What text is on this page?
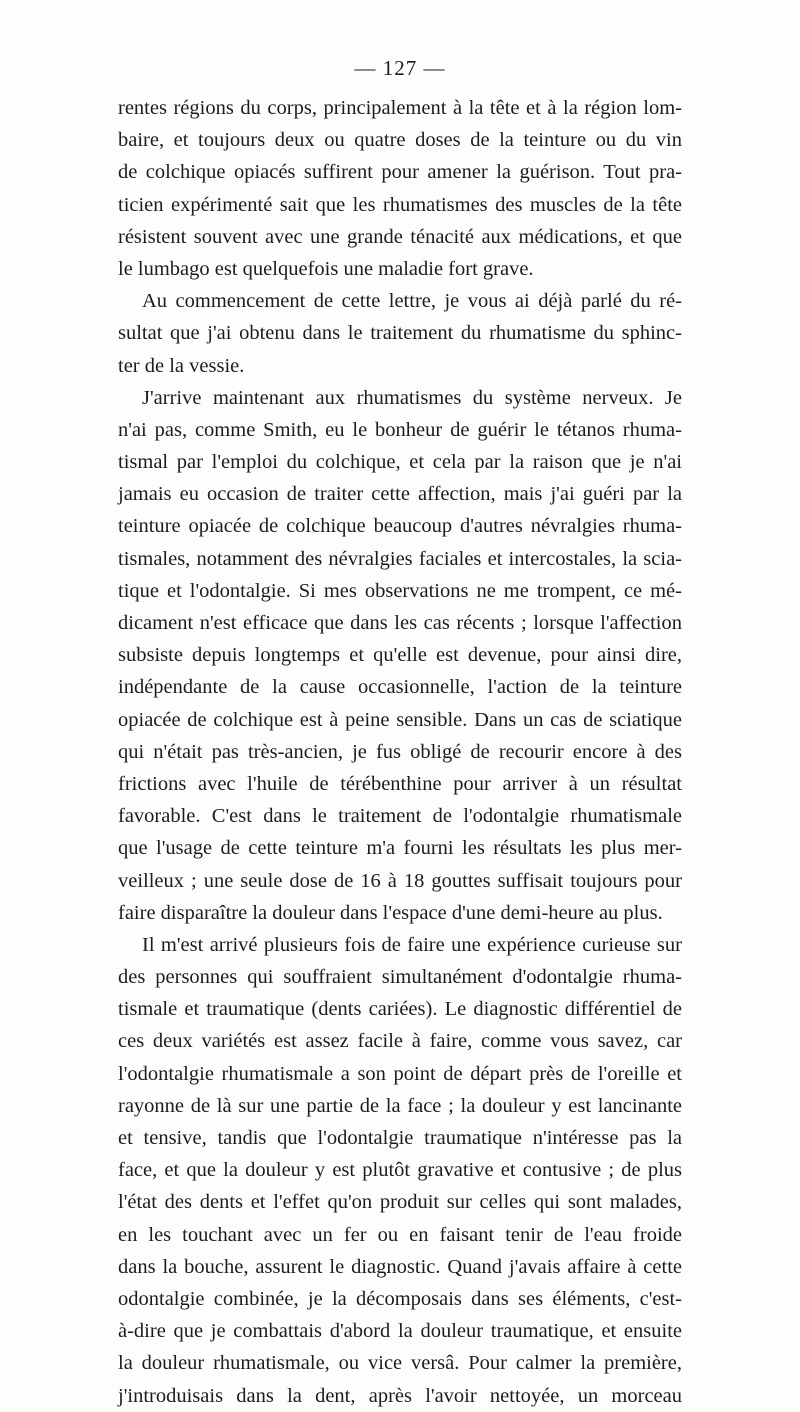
— 127 —
rentes régions du corps, principalement à la tête et à la région lom-
baire, et toujours deux ou quatre doses de la teinture ou du vin
de colchique opiacés suffirent pour amener la guérison. Tout pra-
ticien expérimenté sait que les rhumatismes des muscles de la tête
résistent souvent avec une grande ténacité aux médications, et que
le lumbago est quelquefois une maladie fort grave.
Au commencement de cette lettre, je vous ai déjà parlé du ré-
sultat que j'ai obtenu dans le traitement du rhumatisme du sphinc-
ter de la vessie.
J'arrive maintenant aux rhumatismes du système nerveux. Je
n'ai pas, comme Smith, eu le bonheur de guérir le tétanos rhuma-
tismal par l'emploi du colchique, et cela par la raison que je n'ai
jamais eu occasion de traiter cette affection, mais j'ai guéri par la
teinture opiacée de colchique beaucoup d'autres névralgies rhuma-
tismales, notamment des névralgies faciales et intercostales, la scia-
tique et l'odontalgie. Si mes observations ne me trompent, ce mé-
dicament n'est efficace que dans les cas récents ; lorsque l'affection
subsiste depuis longtemps et qu'elle est devenue, pour ainsi dire,
indépendante de la cause occasionnelle, l'action de la teinture
opiacée de colchique est à peine sensible. Dans un cas de sciatique
qui n'était pas très-ancien, je fus obligé de recourir encore à des
frictions avec l'huile de térébenthine pour arriver à un résultat
favorable. C'est dans le traitement de l'odontalgie rhumatismale
que l'usage de cette teinture m'a fourni les résultats les plus mer-
veilleux ; une seule dose de 16 à 18 gouttes suffisait toujours pour
faire disparaître la douleur dans l'espace d'une demi-heure au plus.
Il m'est arrivé plusieurs fois de faire une expérience curieuse sur
des personnes qui souffraient simultanément d'odontalgie rhuma-
tismale et traumatique (dents cariées). Le diagnostic différentiel de
ces deux variétés est assez facile à faire, comme vous savez, car
l'odontalgie rhumatismale a son point de départ près de l'oreille et
rayonne de là sur une partie de la face ; la douleur y est lancinante
et tensive, tandis que l'odontalgie traumatique n'intéresse pas la
face, et que la douleur y est plutôt gravative et contusive ; de plus
l'état des dents et l'effet qu'on produit sur celles qui sont malades,
en les touchant avec un fer ou en faisant tenir de l'eau froide
dans la bouche, assurent le diagnostic. Quand j'avais affaire à cette
odontalgie combinée, je la décomposais dans ses éléments, c'est-
à-dire que je combattais d'abord la douleur traumatique, et ensuite
la douleur rhumatismale, ou vice versâ. Pour calmer la première,
j'introduisais dans la dent, après l'avoir nettoyée, un morceau
